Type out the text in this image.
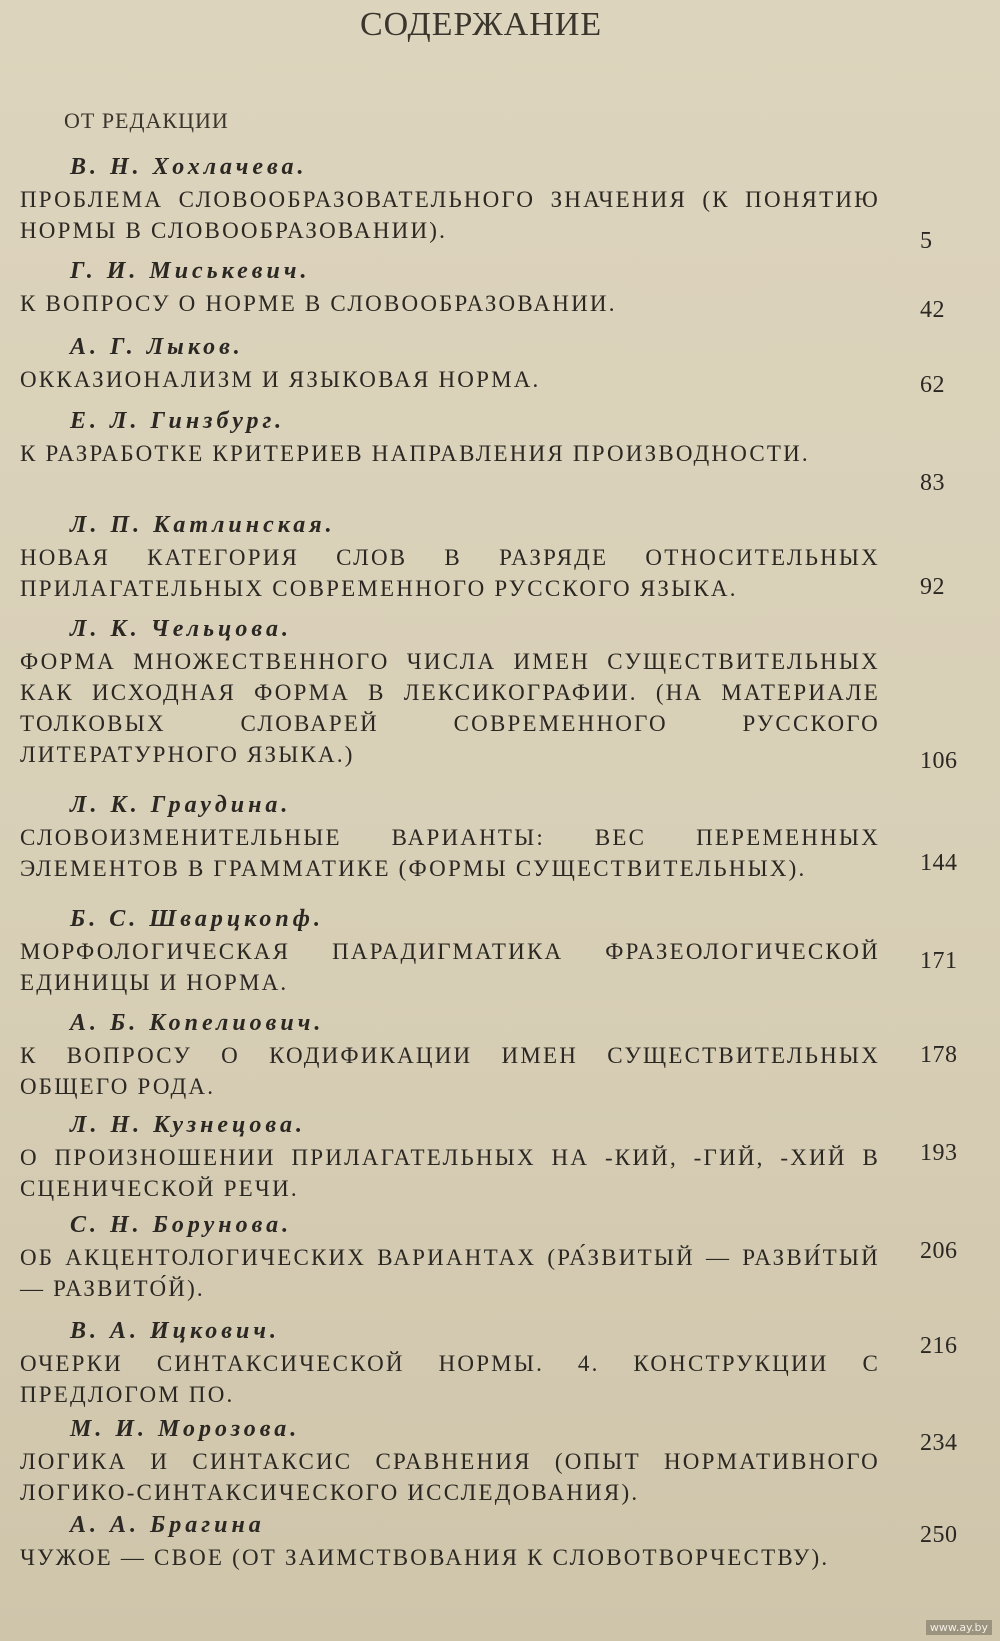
СОДЕРЖАНИЕ
ОТ РЕДАКЦИИ
В. Н. Хохлачева.
ПРОБЛЕМА СЛОВООБРАЗОВАТЕЛЬНОГО ЗНАЧЕНИЯ (К ПОНЯТИЮ НОРМЫ В СЛОВООБРАЗОВАНИИ).	5
Г. И. Миськевич.
К ВОПРОСУ О НОРМЕ В СЛОВООБРАЗОВАНИИ.	42
А. Г. Лыков.
ОККАЗИОНАЛИЗМ И ЯЗЫКОВАЯ НОРМА.	62
Е. Л. Гинзбург.
К РАЗРАБОТКЕ КРИТЕРИЕВ НАПРАВЛЕНИЯ ПРОИЗВОДНОСТИ.
83
Л. П. Катлинская.
НОВАЯ КАТЕГОРИЯ СЛОВ В РАЗРЯДЕ ОТНОСИТЕЛЬНЫХ ПРИЛАГАТЕЛЬНЫХ СОВРЕМЕННОГО РУССКОГО ЯЗЫКА.	92
Л. К. Чельцова.
ФОРМА МНОЖЕСТВЕННОГО ЧИСЛА ИМЕН СУЩЕСТВИТЕЛЬНЫХ КАК ИСХОДНАЯ ФОРМА В ЛЕКСИКОГРАФИИ. (НА МАТЕРИАЛЕ ТОЛКОВЫХ СЛОВАРЕЙ СОВРЕМЕННОГО РУССКОГО ЛИТЕРАТУРНОГО ЯЗЫКА.)	106
Л. К. Граудина.
СЛОВОИЗМЕНИТЕЛЬНЫЕ ВАРИАНТЫ: ВЕС ПЕРЕМЕННЫХ ЭЛЕМЕНТОВ В ГРАММАТИКЕ (ФОРМЫ СУЩЕСТВИТЕЛЬНЫХ).	144
Б. С. Шварцкопф.
МОРФОЛОГИЧЕСКАЯ ПАРАДИГМАТИКА ФРАЗЕОЛОГИЧЕСКОЙ ЕДИНИЦЫ И НОРМА.
171
А. Б. Копелиович.
К ВОПРОСУ О КОДИФИКАЦИИ ИМЕН СУЩЕСТВИТЕЛЬНЫХ ОБЩЕГО РОДА.
178
Л. Н. Кузнецова.
О ПРОИЗНОШЕНИИ ПРИЛАГАТЕЛЬНЫХ НА -КИЙ, -ГИЙ, -ХИЙ В СЦЕНИЧЕСКОЙ РЕЧИ.
193
С. Н. Борунова.
ОБ АКЦЕНТОЛОГИЧЕСКИХ ВАРИАНТАХ (РА́ЗВИТЫЙ — РАЗВИ́ТЫЙ — РАЗВИТО́Й).
206
В. А. Ицкович.
ОЧЕРКИ СИНТАКСИЧЕСКОЙ НОРМЫ. 4. КОНСТРУКЦИИ С ПРЕДЛОГОМ ПО.
216
М. И. Морозова.
ЛОГИКА И СИНТАКСИС СРАВНЕНИЯ (ОПЫТ НОРМАТИВНОГО ЛОГИКО-СИНТАКСИЧЕСКОГО ИССЛЕДОВАНИЯ).
234
А. А. Брагина
ЧУЖОЕ — СВОЕ (ОТ ЗАИМСТВОВАНИЯ К СЛОВОТВОРЧЕСТВУ).
250
www.ay.by
